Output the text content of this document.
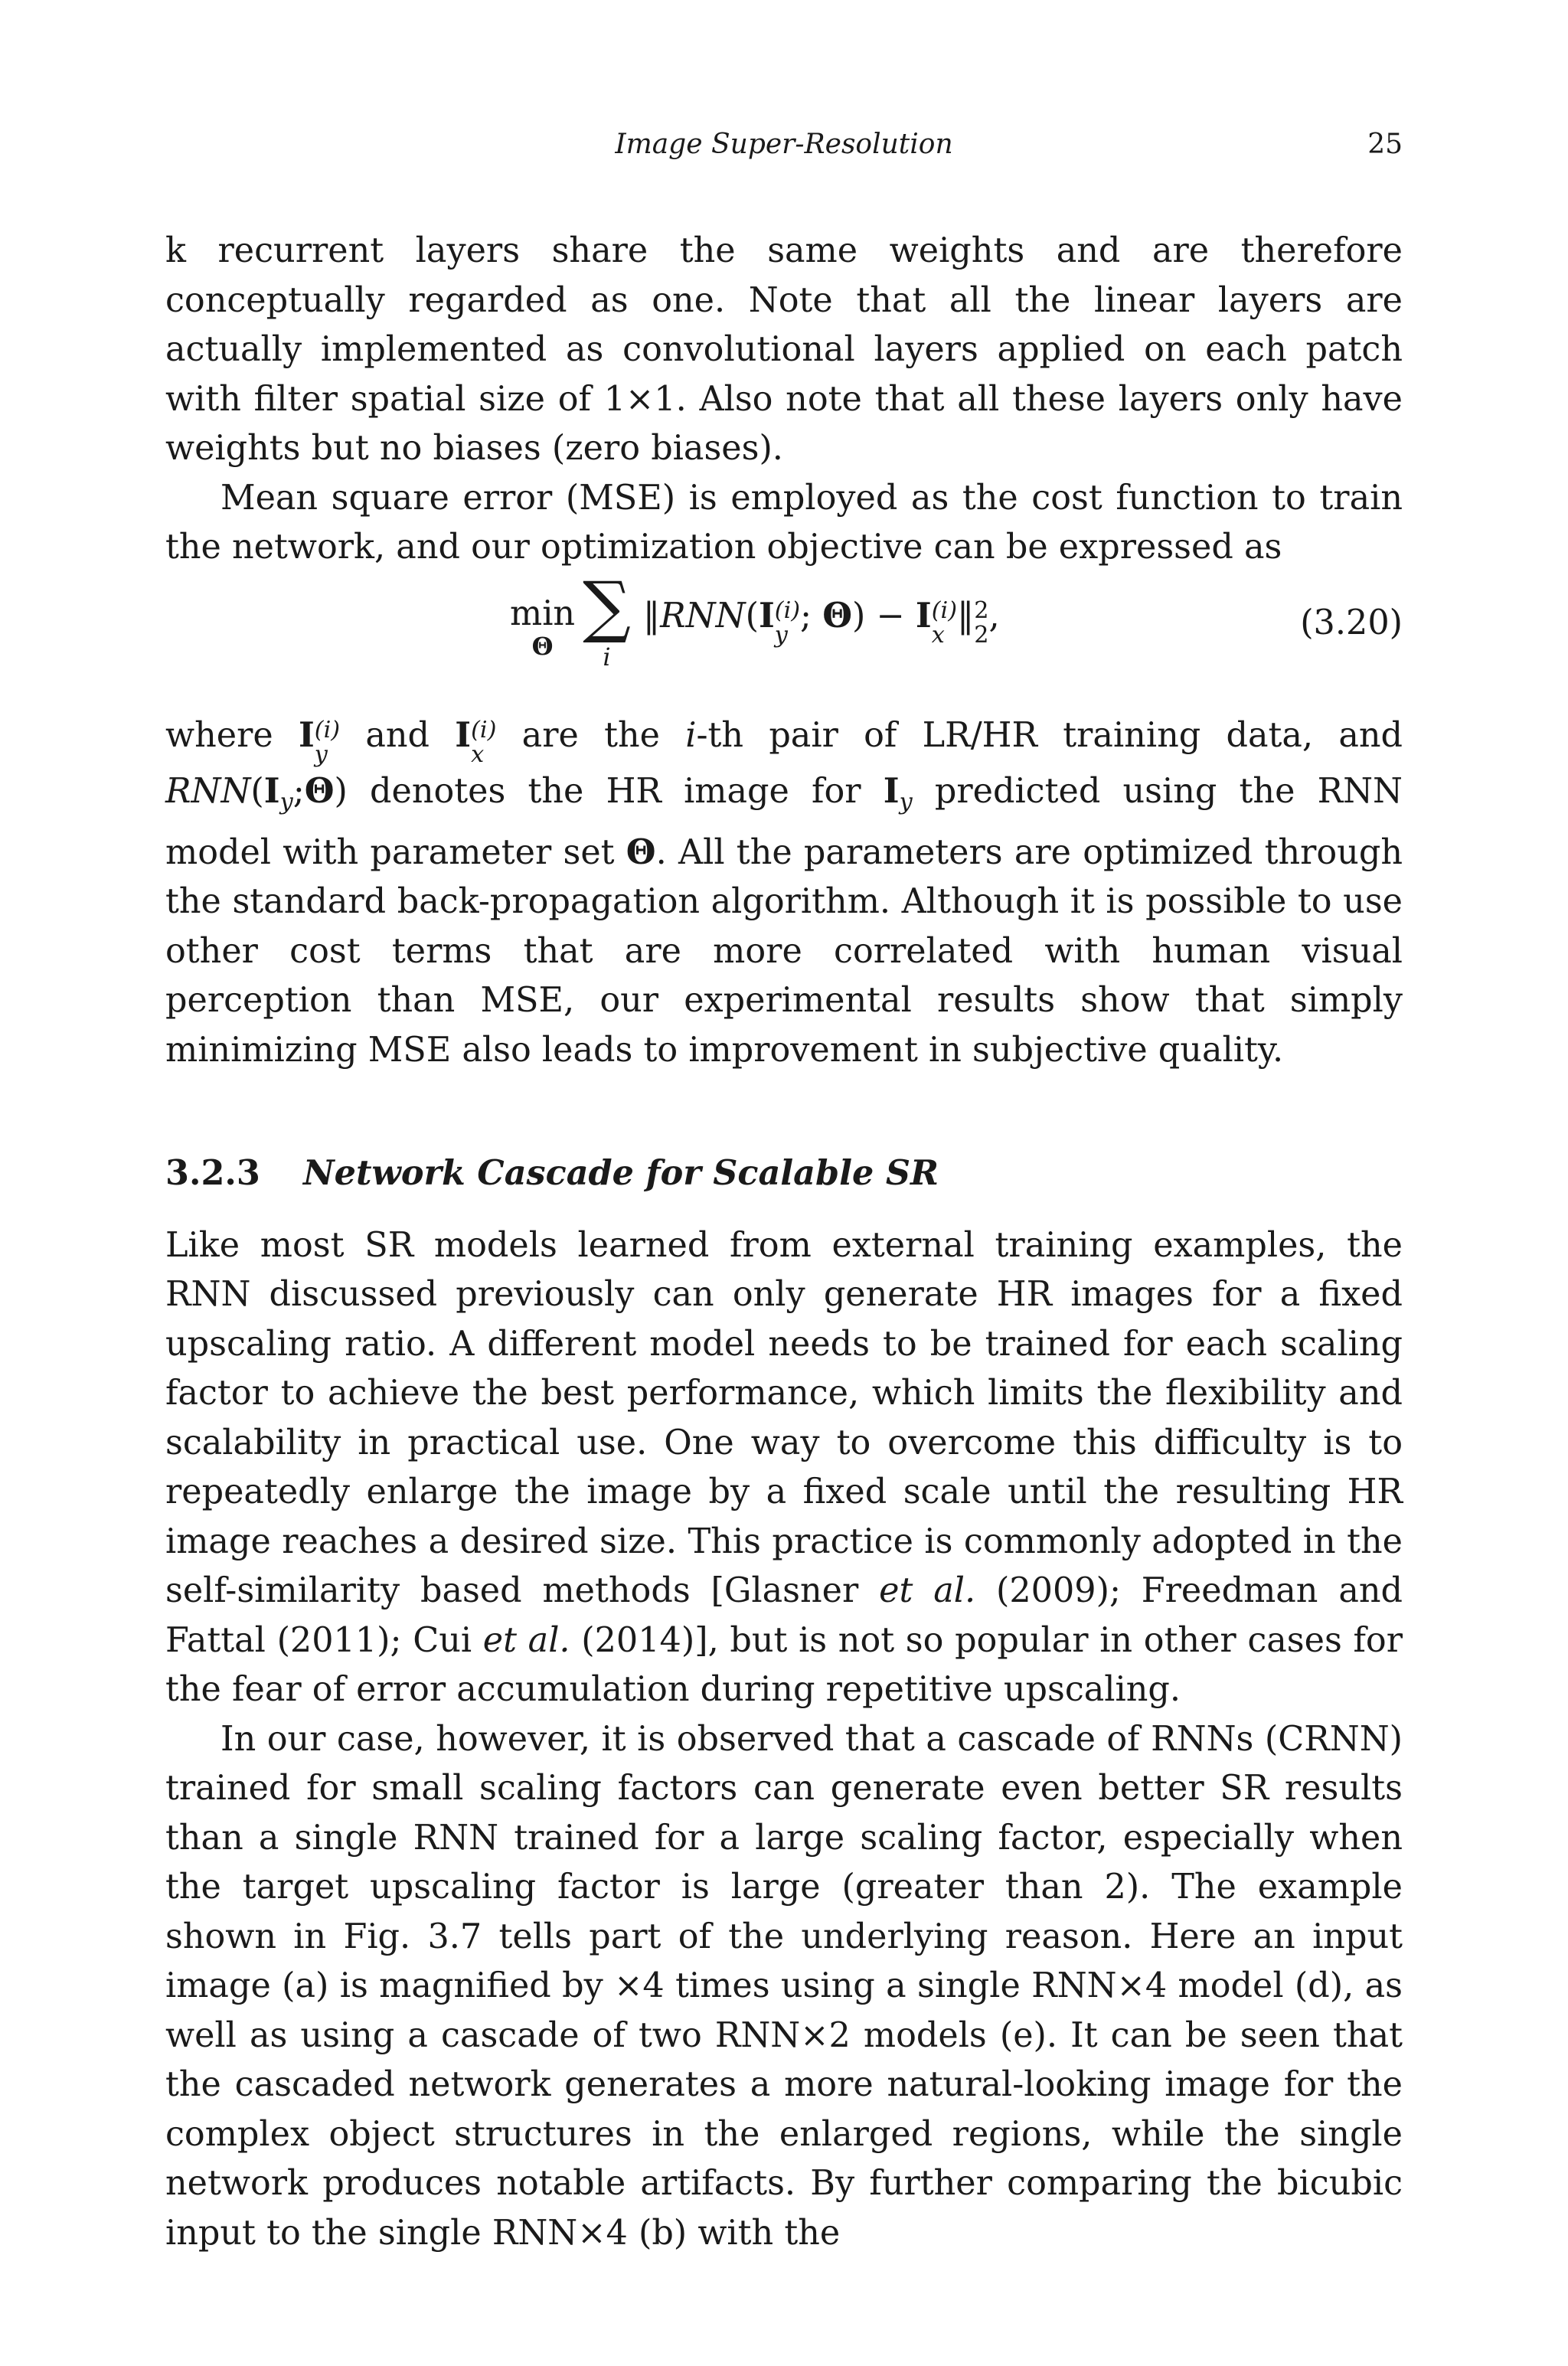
Image Super-Resolution	25

k recurrent layers share the same weights and are therefore conceptually regarded as one. Note that all the linear layers are actually implemented as convolutional layers applied on each patch with filter spatial size of 1×1. Also note that all these layers only have weights but no biases (zero biases).

Mean square error (MSE) is employed as the cost function to train the network, and our optimization objective can be expressed as

min
Θ
∑
i
‖RNN(I (i)
y ; Θ) − I (i)
x ‖ 2
2 ,	(3.20)

where I (i)
y and I (i)
x are the i-th pair of LR/HR training data, and $RNN(I_y;\Theta)$ denotes the HR image for $I_y$ predicted using the RNN model with parameter set Θ. All the parameters are optimized through the standard back-propagation algorithm. Although it is possible to use other cost terms that are more correlated with human visual perception than MSE, our experimental results show that simply minimizing MSE also leads to improvement in subjective quality.

3.2.3 Network Cascade for Scalable SR

Like most SR models learned from external training examples, the RNN discussed previously can only generate HR images for a fixed upscaling ratio. A different model needs to be trained for each scaling factor to achieve the best performance, which limits the flexibility and scalability in practical use. One way to overcome this difficulty is to repeatedly enlarge the image by a fixed scale until the resulting HR image reaches a desired size. This practice is commonly adopted in the self-similarity based methods [Glasner et al. (2009); Freedman and Fattal (2011); Cui et al. (2014)], but is not so popular in other cases for the fear of error accumulation during repetitive upscaling.

In our case, however, it is observed that a cascade of RNNs (CRNN) trained for small scaling factors can generate even better SR results than a single RNN trained for a large scaling factor, especially when the target upscaling factor is large (greater than 2). The example shown in Fig. 3.7 tells part of the underlying reason. Here an input image (a) is magnified by ×4 times using a single RNN×4 model (d), as well as using a cascade of two RNN×2 models (e). It can be seen that the cascaded network generates a more natural-looking image for the complex object structures in the enlarged regions, while the single network produces notable artifacts. By further comparing the bicubic input to the single RNN×4 (b) with the
